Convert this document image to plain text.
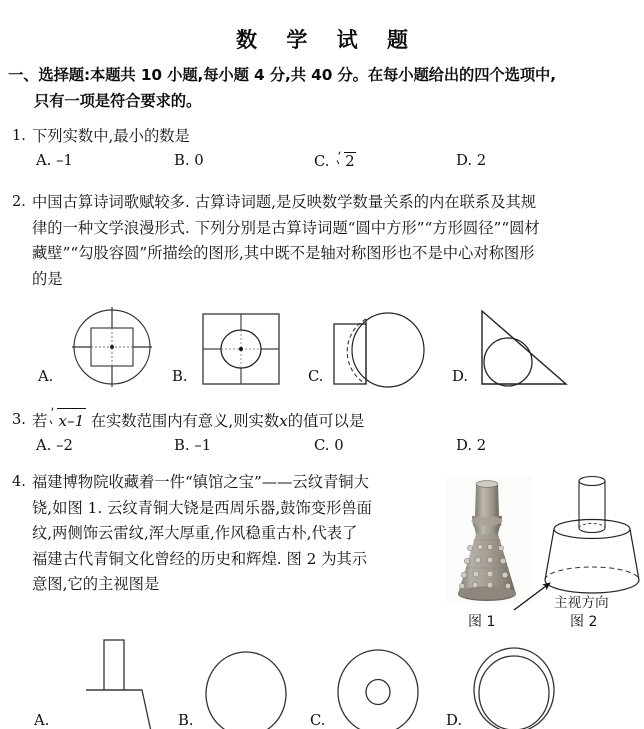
数 学 试 题
一、选择题:本题共 10 小题,每小题 4 分,共 40 分。在每小题给出的四个选项中,
只有一项是符合要求的。
1. 下列实数中,最小的数是
A. –1	B. 0	C. 2	D. 2
2. 中国古算诗词歌赋较多. 古算诗词题,是反映数学数量关系的内在联系及其规
律的一种文学浪漫形式. 下列分别是古算诗词题“圆中方形”“方形圆径”“圆材
藏壁”“勾股容圆”所描绘的图形,其中既不是轴对称图形也不是中心对称图形
的是
A.	B.	C.	D.
3. 若 x–1 在实数范围内有意义,则实数x的值可以是
A. –2	B. –1	C. 0	D. 2
4. 福建博物院收藏着一件“镇馆之宝”——云纹青铜大
铙,如图 1. 云纹青铜大铙是西周乐器,鼓饰变形兽面
纹,两侧饰云雷纹,浑大厚重,作风稳重古朴,代表了
福建古代青铜文化曾经的历史和辉煌. 图 2 为其示
意图,它的主视图是
主视方向
图 1	图 2
A.	B.	C.	D.
